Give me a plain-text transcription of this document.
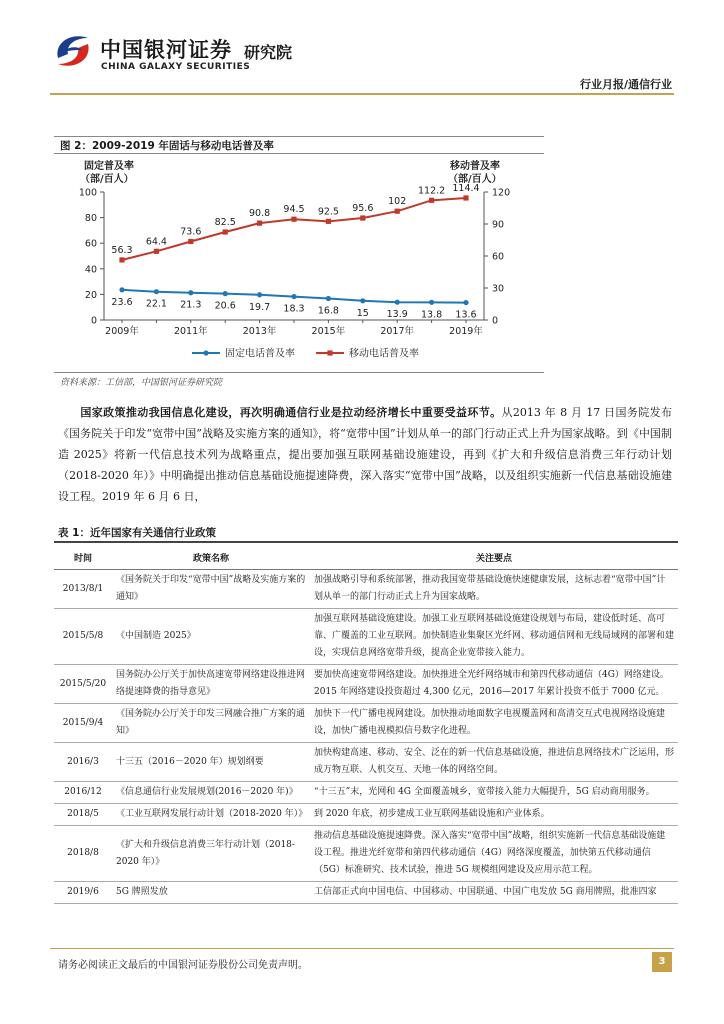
中国银河证券
CHINA GALAXY SECURITIES
研究院
行业月报/通信行业
图 2：2009-2019 年固话与移动电话普及率
固定普及率
（部/百人）
移动普及率
（部/百人）
0
20
40
60
80
100
0
30
60
90
120
2009年	2011年	2013年	2015年	2017年	2019年
23.6 22.1 21.3 20.6 19.7 18.3 16.8 15 13.9 13.8 13.6
56.3
64.4
73.6
82.5
90.8 94.5 92.5 95.6
102
112.2 114.4
固定电话普及率	移动电话普及率
资料来源：工信部，中国银河证券研究院
国家政策推动我国信息化建设，再次明确通信行业是拉动经济增长中重要受益环节。从2013 年 8 月 17 日国务院发布《国务院关于印发“宽带中国”战略及实施方案的通知》，将“宽带中国”计划从单一的部门行动正式上升为国家战略。到《中国制造 2025》将新一代信息技术列为战略重点，提出要加强互联网基础设施建设，再到《扩大和升级信息消费三年行动计划（2018-2020 年）》中明确提出推动信息基础设施提速降费，深入落实“宽带中国”战略，以及组织实施新一代信息基础设施建设工程。2019 年 6 月 6 日，
表 1：近年国家有关通信行业政策
时间	政策名称	关注要点
2013/8/1	《国务院关于印发“宽带中国”战略及实施方案的通知》	加强战略引导和系统部署，推动我国宽带基础设施快速健康发展，这标志着“宽带中国”计划从单一的部门行动正式上升为国家战略。
2015/5/8	《中国制造 2025》	加强互联网基础设施建设。加强工业互联网基础设施建设规划与布局，建设低时延、高可靠、广覆盖的工业互联网。加快制造业集聚区光纤网、移动通信网和无线局域网的部署和建设，实现信息网络宽带升级，提高企业宽带接入能力。
2015/5/20	国务院办公厅关于加快高速宽带网络建设推进网络提速降费的指导意见》	要加快高速宽带网络建设。加快推进全光纤网络城市和第四代移动通信（4G）网络建设。2015 年网络建设投资超过 4,300 亿元，2016—2017 年累计投资不低于 7000 亿元。
2015/9/4	《国务院办公厅关于印发三网融合推广方案的通知》	加快下一代广播电视网建设。加快推动地面数字电视覆盖网和高清交互式电视网络设施建设，加快广播电视模拟信号数字化进程。
2016/3	十三五（2016－2020 年）规划纲要	加快构建高速、移动、安全、泛在的新一代信息基础设施，推进信息网络技术广泛运用，形成万物互联、人机交互、天地一体的网络空间。
2016/12	《信息通信行业发展规划(2016－2020 年)》	“十三五”末，光网和 4G 全面覆盖城乡，宽带接入能力大幅提升，5G 启动商用服务。
2018/5	《工业互联网发展行动计划（2018-2020 年）》	到 2020 年底，初步建成工业互联网基础设施和产业体系。
2018/8	《扩大和升级信息消费三年行动计划（2018-2020 年）》	推动信息基础设施提速降费。深入落实“宽带中国”战略，组织实施新一代信息基础设施建设工程。推进光纤宽带和第四代移动通信（4G）网络深度覆盖，加快第五代移动通信（5G）标准研究、技术试验，推进 5G 规模组网建设及应用示范工程。
2019/6	5G 牌照发放	工信部正式向中国电信、中国移动、中国联通、中国广电发放 5G 商用牌照，批准四家
请务必阅读正文最后的中国银河证券股份公司免责声明。	3
